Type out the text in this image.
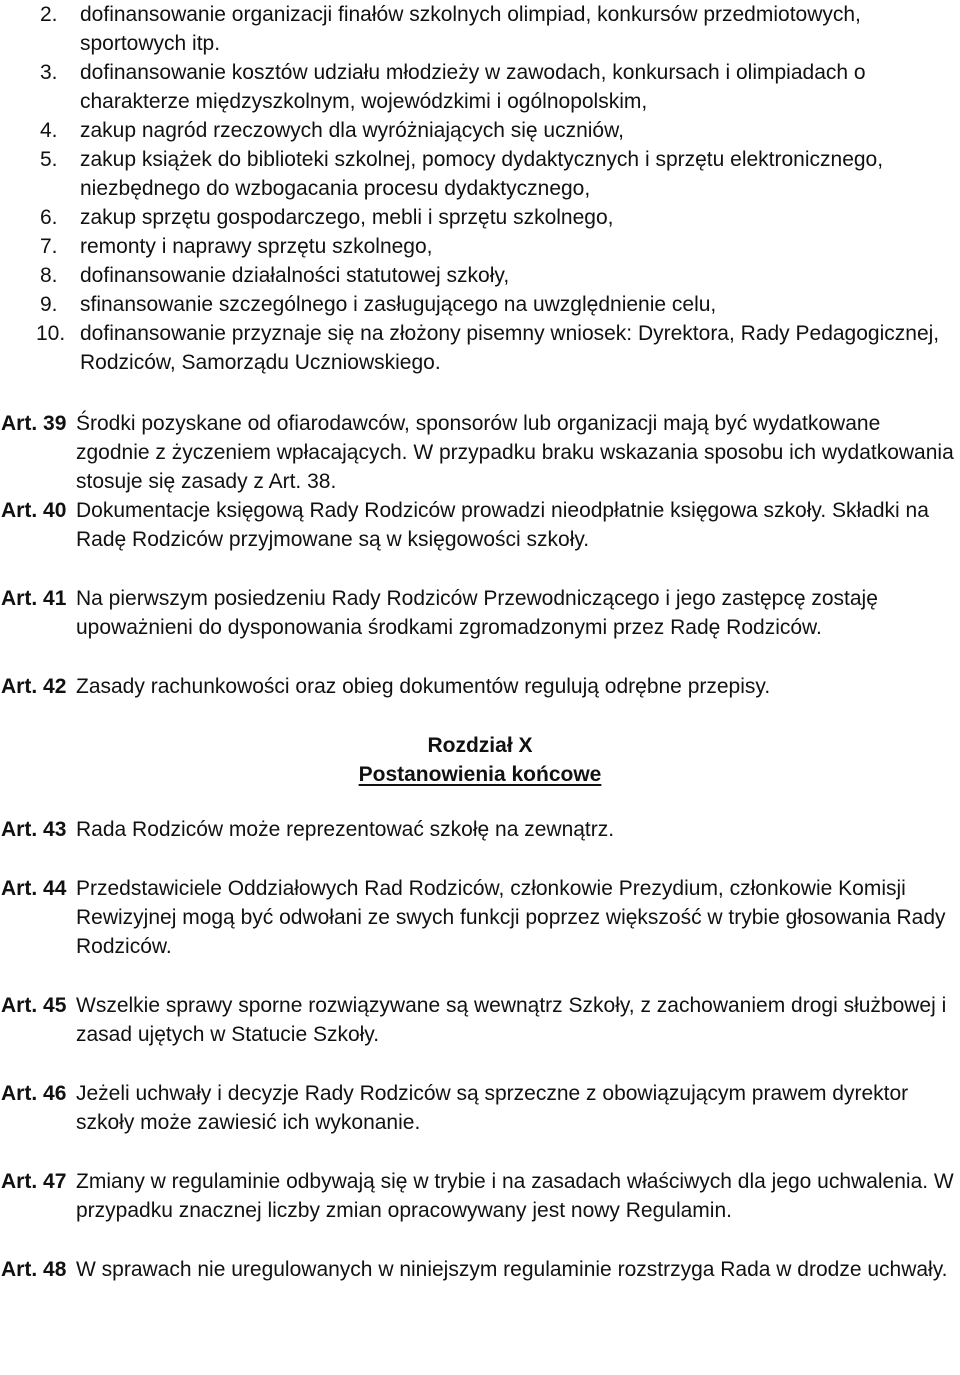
2. dofinansowanie organizacji finałów szkolnych olimpiad, konkursów przedmiotowych, sportowych itp.
3. dofinansowanie kosztów udziału młodzieży w zawodach, konkursach i olimpiadach o charakterze międzyszkolnym, wojewódzkimi i ogólnopolskim,
4. zakup nagród rzeczowych dla wyróżniających się uczniów,
5. zakup książek do biblioteki szkolnej, pomocy dydaktycznych i sprzętu elektronicznego, niezbędnego do wzbogacania procesu dydaktycznego,
6. zakup sprzętu gospodarczego, mebli i sprzętu szkolnego,
7. remonty i naprawy sprzętu szkolnego,
8. dofinansowanie działalności statutowej szkoły,
9. sfinansowanie szczególnego i zasługującego na uwzględnienie celu,
10. dofinansowanie przyznaje się na złożony pisemny wniosek: Dyrektora, Rady Pedagogicznej, Rodziców, Samorządu Uczniowskiego.
Art. 39 Środki pozyskane od ofiarodawców, sponsorów lub organizacji mają być wydatkowane zgodnie z życzeniem wpłacających. W przypadku braku wskazania sposobu ich wydatkowania stosuje się zasady z Art. 38.
Art. 40 Dokumentacje księgową Rady Rodziców prowadzi nieodpłatnie księgowa szkoły. Składki na Radę Rodziców przyjmowane są w księgowości szkoły.
Art. 41 Na pierwszym posiedzeniu Rady Rodziców Przewodniczącego i jego zastępcę zostaję upoważnieni do dysponowania środkami zgromadzonymi przez Radę Rodziców.
Art. 42 Zasady rachunkowości oraz obieg dokumentów regulują odrębne przepisy.
Rozdział X
Postanowienia końcowe
Art. 43 Rada Rodziców może reprezentować szkołę na zewnątrz.
Art. 44 Przedstawiciele Oddziałowych Rad Rodziców, członkowie Prezydium, członkowie Komisji Rewizyjnej mogą być odwołani ze swych funkcji poprzez większość w trybie głosowania Rady Rodziców.
Art. 45 Wszelkie sprawy sporne rozwiązywane są wewnątrz Szkoły, z zachowaniem drogi służbowej i zasad ujętych w Statucie Szkoły.
Art. 46 Jeżeli uchwały i decyzje Rady Rodziców są sprzeczne z obowiązującym prawem dyrektor szkoły może zawiesić ich wykonanie.
Art. 47 Zmiany w regulaminie odbywają się w trybie i na zasadach właściwych dla jego uchwalenia. W przypadku znacznej liczby zmian opracowywany jest nowy Regulamin.
Art. 48 W sprawach nie uregulowanych w niniejszym regulaminie rozstrzyga Rada w drodze uchwały.
